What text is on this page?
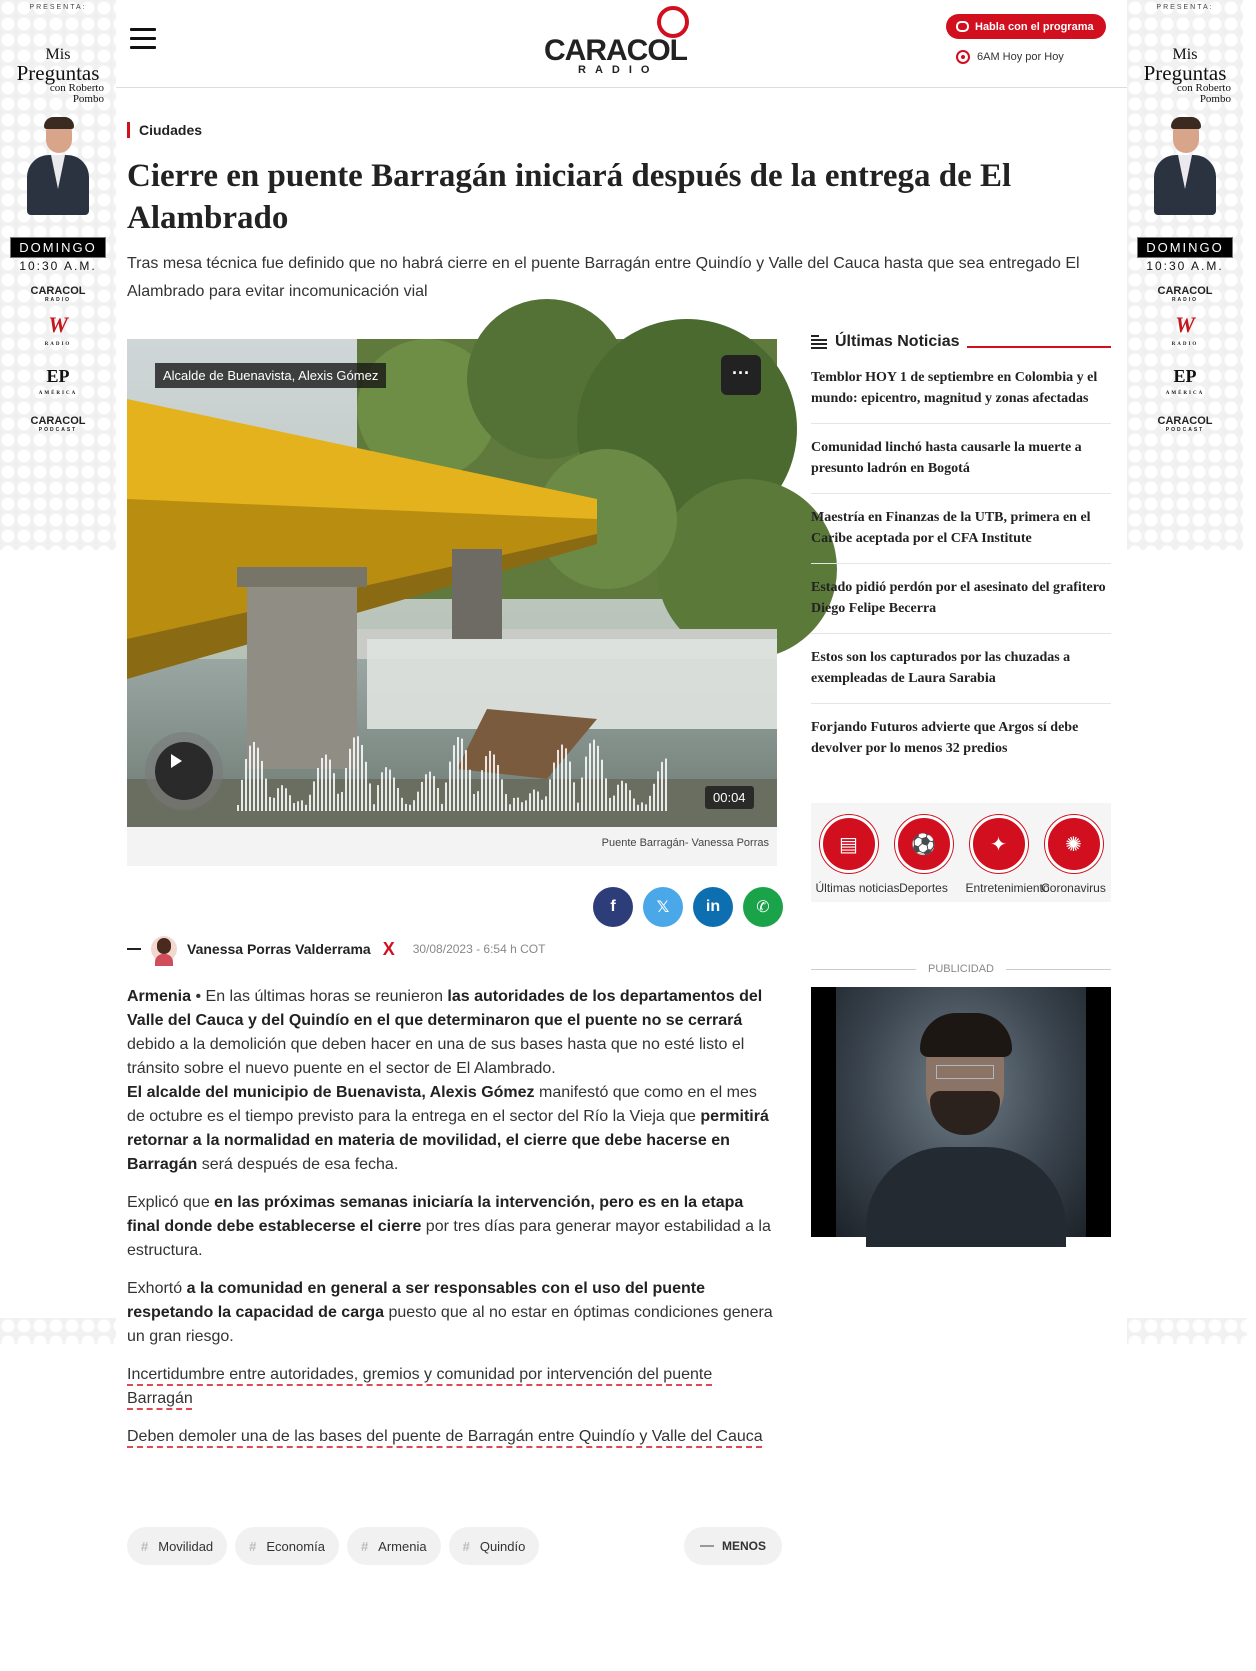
PRESENTA:
Mis
Preguntas
con Roberto
Pombo
DOMINGO
10:30 A.M.
CARACOL
RADIO
W
RADIO
EP
AMÉRICA
CARACOL
PODCAST
PRESENTA:
Mis
Preguntas
con Roberto
Pombo
DOMINGO
10:30 A.M.
CARACOL
RADIO
W
RADIO
EP
AMÉRICA
CARACOL
PODCAST
CARACOL
RADIO
Habla con el programa
6AM Hoy por Hoy
Ciudades
Cierre en puente Barragán iniciará después de la entrega de El Alambrado

Tras mesa técnica fue definido que no habrá cierre en el puente Barragán entre Quindío y Valle del Cauca hasta que sea entregado El Alambrado para evitar incomunicación vial

Alcalde de Buenavista, Alexis Gómez	···
00:04
Puente Barragán- Vanessa Porras
f	𝕏	in	✆
Vanessa Porras Valderrama X 30/08/2023 - 6:54 h COT

Armenia • En las últimas horas se reunieron las autoridades de los departamentos del Valle del Cauca y del Quindío en el que determinaron que el puente no se cerrará debido a la demolición que deben hacer en una de sus bases hasta que no esté listo el tránsito sobre el nuevo puente en el sector de El Alambrado.

El alcalde del municipio de Buenavista, Alexis Gómez manifestó que como en el mes de octubre es el tiempo previsto para la entrega en el sector del Río la Vieja que permitirá retornar a la normalidad en materia de movilidad, el cierre que debe hacerse en Barragán será después de esa fecha.

Explicó que en las próximas semanas iniciaría la intervención, pero es en la etapa final donde debe establecerse el cierre por tres días para generar mayor estabilidad a la estructura.

Exhortó a la comunidad en general a ser responsables con el uso del puente respetando la capacidad de carga puesto que al no estar en óptimas condiciones genera un gran riesgo.

Incertidumbre entre autoridades, gremios y comunidad por intervención del puente Barragán
Deben demoler una de las bases del puente de Barragán entre Quindío y Valle del Cauca
# Movilidad	# Economía	# Armenia	# Quindío	MENOS
Últimas Noticias
Temblor HOY 1 de septiembre en Colombia y el mundo: epicentro, magnitud y zonas afectadas
Comunidad linchó hasta causarle la muerte a presunto ladrón en Bogotá
Maestría en Finanzas de la UTB, primera en el Caribe aceptada por el CFA Institute
Estado pidió perdón por el asesinato del grafitero Diego Felipe Becerra
Estos son los capturados por las chuzadas a exempleadas de Laura Sarabia
Forjando Futuros advierte que Argos sí debe devolver por lo menos 32 predios
▤
Últimas noticias
⚽
Deportes
✦
Entretenimiento
✺
Coronavirus
PUBLICIDAD
